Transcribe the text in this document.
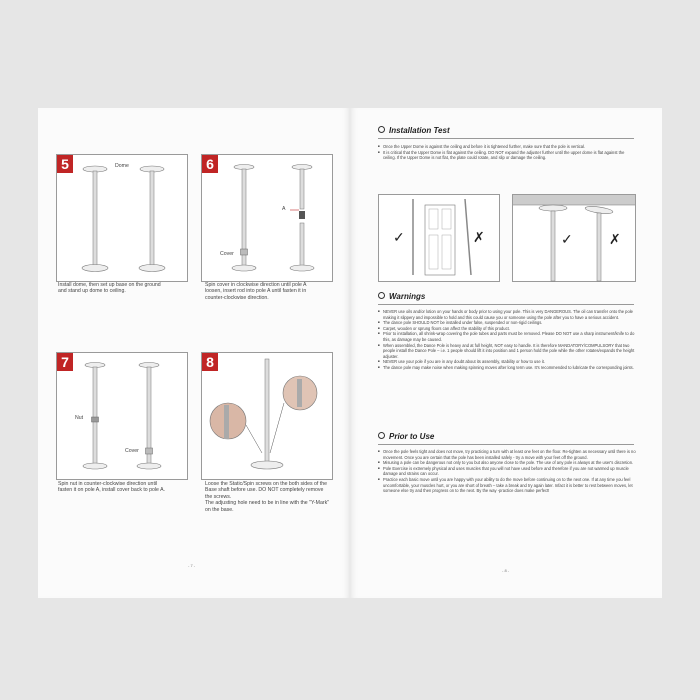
5	Dome
Install dome, then set up base on the ground
and stand up dome to ceiling.
6
A
Cover
Spin cover in clockwise direction until pole A
loosen, insert rod into pole A until fasten it in
counter-clockwise direction.
7
Nut
Cover
Spin nut in counter-clockwise direction until
fasten it on pole A, install cover back to pole A.
8
Loose the Static/Spin screws on the both sides of the
Base shaft before use. DO NOT completely remove
the screws.
The adjusting hole need to be in line with the "Y-Mark"
on the base.
- 7 -
Installation Test
■ Once the Upper Dome is against the ceiling and before it is tightened further, make sure that the pole is vertical.
■ It is critical that the Upper Dome is flat against the ceiling. DO NOT expand the adjuster further until the upper dome is flat against the ceiling. If the Upper Dome is not flat, the plate could rotate, and slip or damage the ceiling.
✓	✗	✓	✗
Warnings
■ NEVER use oils and/or lotion on your hands or body prior to using your pole. This is very DANGEROUS. The oil can transfer onto the pole making it slippery and impossible to hold and this could cause you or someone using the pole after you to have a serious accident.
■ The dance pole SHOULD NOT be installed under false, suspended or non-rigid ceilings.
■ Carpet, wooden or sprung floors can affect the stability of this product.
■ Prior to installation, all shrink-wrap covering the pole tubes and parts must be removed. Please DO NOT use a sharp instrument/knife to do this, as damage may be caused.
■ When assembled, the Dance Pole is heavy and at full height, NOT easy to handle. It is therefore MANDATORY/COMPULSORY that two people install the Dance Pole – i.e. 1 people should lift it into position and 1 person hold the pole while the other rotates/expands the height adjuster.
■ NEVER use your pole if you are in any doubt about its assembly, stability or how to use it.
■ The dance pole may make noise when making spinning moves after long term use. It's recommended to lubricate the corresponding joints.
Prior to Use
■ Once the pole feels tight and does not move, try practicing a turn with at least one feet on the floor. Re-tighten as necessary until there is no movement. Once you are certain that the pole has been installed safely - try a move with your feet off the ground.
■ Misusing a pole can be dangerous not only to you but also anyone close to the pole. The use of any pole is always at the user's discretion.
■ Pole Exercise is extremely physical and uses muscles that you will not have used before and therefore if you are not warmed up muscle damage and strains can occur.
■ Practice each basic move until you are happy with your ability to do the move before continuing on to the next one. If at any time you feel uncomfortable, your muscles hurt, or you are short of breath – take a break and try again later. Infact it is better to rest between moves, let someone else try and then progress on to the next. By the way -practice does make perfect!
- 8 -
